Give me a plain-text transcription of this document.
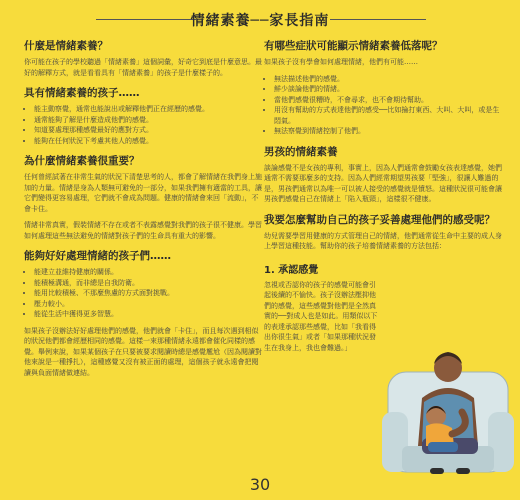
情緒素養──家長指南
什麼是情緒素養？

你可能在孩子的學校聽過「情緒素養」這個詞彙，好奇它到底是什麼意思。最好的解釋方式，就是看看具有「情緒素養」的孩子是什麼樣子的。

具有情緒素養的孩子……
• 能主動察覺，通常也能說出或解釋他們正在經歷的感覺。
• 通常能夠了解是什麼造成他們的感覺。
• 知道要處理那種感覺最好的應對方式。
• 能夠在任何狀況下考慮其他人的感覺。
為什麼情緒素養很重要？

任何曾經試著在非常生氣的狀況下清楚思考的人，都會了解情緒在我們身上施加的力量。情緒是身為人類無可避免的一部分，如果我們擁有適當的工具，讓它們變得更容易處理，它們就不會成為問題。健康的情緒會來回「流動」，不會卡住。

情緒非常真實，假裝情緒不存在或者不表露感覺對我們的孩子很不健康。學習如何處理這些無法避免的情緒對孩子們的生命具有重大的影響。

能夠好好處理情緒的孩子們……
• 能建立並維持健康的關係。
• 能積極溝通，而非總是自我防衛。
• 能用比較積極、不那麼焦慮的方式面對挑戰。
• 壓力較小。
• 能從生活中獲得更多智慧。

如果孩子沒辦法好好處理他們的感覺，他們就會「卡住」，而且每次遇到相似的狀況他們都會經歷相同的感覺。這樣一來那種情緒永遠都會催化同樣的感覺。舉例來說，如果某個孩子在只要被要求閱讀時總是感覺尷尬（因為閱讀對他來說是一種掙扎），這種感覺又沒有被正面的處理，這個孩子就永遠會把閱讀與負面情緒做連結。

有哪些症狀可能顯示情緒素養低落呢？

如果孩子沒有學會如何處理情緒，他們有可能……

• 無法描述他們的感覺。
• 鮮少談論他們的情緒。
• 當他們感覺很糟時，不會尋求，也不會期待幫助。
• 用沒有幫助的方式表達他們的感受──比如掄打東西、大叫、大叫，或是生悶氣。
• 無法察覺到情緒控制了他們。
男孩的情緒素養

談論感覺不是女孩的專利，事實上，因為人們通常會鼓勵女孩表達感覺，她們通常不需要那麼多的支持。因為人們經常期望男孩要「堅強」，很讓人難過的是，男孩們通常以為唯一可以被人接受的感覺就是憤怒。這種狀況很可能會讓男孩們感覺自己在情緒上「陷入瓶頸」，這樣很不健康。

我要怎麼幫助自己的孩子妥善處理他們的感受呢？

幼兒需要學習用健康的方式管理自己的情緒，他們通常從生命中主要的成人身上學習這種技能。幫助你的孩子培養情緒素養的方法包括：

1. 承認感覺

忽視或否認你的孩子的感覺可能會引起後續的不愉快。孩子沒辦法壓抑他們的感覺，這些感覺對他們是全然真實的──對成人也是如此。用類似以下的表達承認那些感覺，比如「我看得出你很生氣」或者「如果那種狀況發生在我身上，我也會難過。」

30
